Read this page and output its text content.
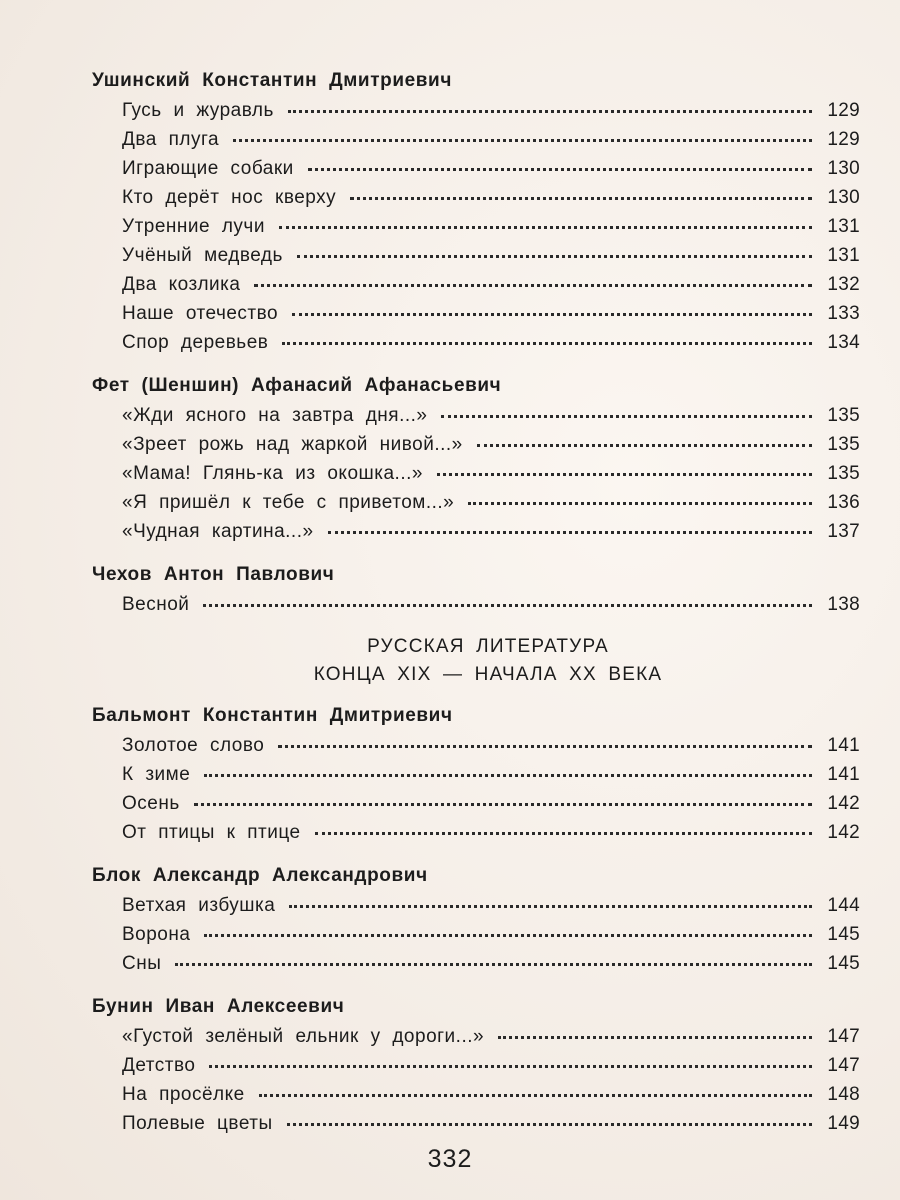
Ушинский Константин Дмитриевич
Гусь и журавль	129
Два плуга	129
Играющие собаки	130
Кто дерёт нос кверху	130
Утренние лучи	131
Учёный медведь	131
Два козлика	132
Наше отечество	133
Спор деревьев	134
Фет (Шеншин) Афанасий Афанасьевич
«Жди ясного на завтра дня...»	135
«Зреет рожь над жаркой нивой...»	135
«Мама! Глянь-ка из окошка...»	135
«Я пришёл к тебе с приветом...»	136
«Чудная картина...»	137
Чехов Антон Павлович
Весной	138
РУССКАЯ ЛИТЕРАТУРА
КОНЦА XIX — НАЧАЛА XX ВЕКА
Бальмонт Константин Дмитриевич
Золотое слово	141
К зиме	141
Осень	142
От птицы к птице	142
Блок Александр Александрович
Ветхая избушка	144
Ворона	145
Сны	145
Бунин Иван Алексеевич
«Густой зелёный ельник у дороги...»	147
Детство	147
На просёлке	148
Полевые цветы	149
332
